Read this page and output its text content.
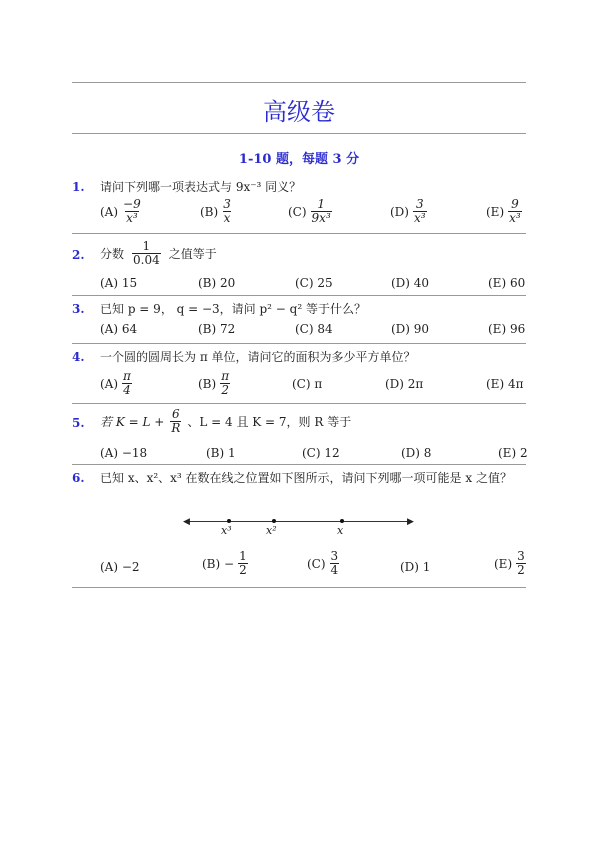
高级卷
1-10 题，每题 3 分
1. 请问下列哪一项表达式与 9x⁻³ 同义？
$(A) \frac{-9}{\text{x³}}$	$(B) \frac{3}{x}$	$(C) \frac{1}{\text{9x³}}$	$(D) \frac{3}{\text{x³}}$	$(E) \frac{9}{\text{x³}}$
2. 分数 $\frac{1}{0.04}$ 之值等于
(A) 15	(B) 20	(C) 25	(D) 40	(E) 60
3. 已知 p = 9， q = −3，请问 p² − q² 等于什么？
(A) 64	(B) 72	(C) 84	(D) 90	(E) 96
4. 一个圆的圆周长为 π 单位，请问它的面积为多少平方单位？
$(A) \frac{\pi}{4}$	$(B) \frac{\pi}{2}$	(C) π	(D) 2π	(E) 4π
5. 若 $K = L + \frac{6}{R}$ 、L = 4 且 K = 7，则 R 等于
(A) −18	(B) 1	(C) 12	(D) 8	(E) 2
6. 已知 x、x²、x³ 在数在线之位置如下图所示，请问下列哪一项可能是 x 之值？
◀	▶
x³	x²	x
(A) −2	$(B) - \frac{1}{2}$	$(C) \frac{3}{4}$	(D) 1	$(E) \frac{3}{2}$
